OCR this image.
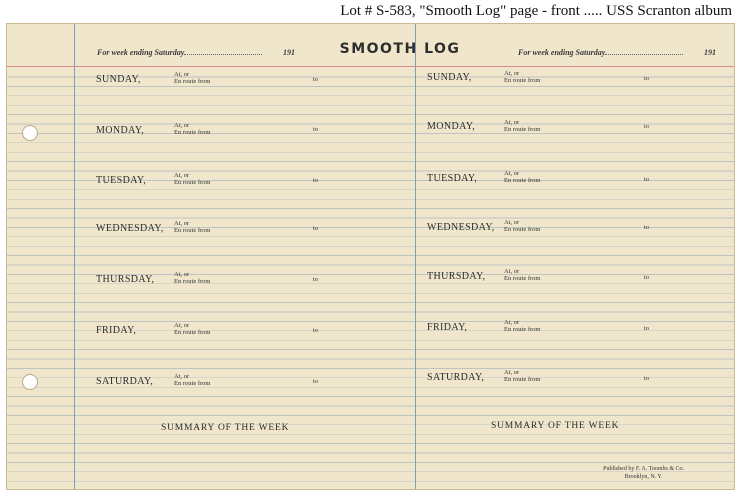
Lot # S-583, "Smooth Log" page - front ..... USS Scranton album
For week ending Saturday	191	SMOOTH LOG	For week ending Saturday	191
SUNDAY,	At, or
En route from	to
MONDAY,	At, or
En route from	to
TUESDAY,	At, or
En route from	to
WEDNESDAY, At, or
En route from	to
THURSDAY,	At, or
En route from	to
FRIDAY,	At, or
En route from	to
SATURDAY,	At, or
En route from	to
SUMMARY OF THE WEEK
SUNDAY,	At, or
En route from	to
MONDAY,	At, or
En route from	to
TUESDAY,	At, or
En route from	to
WEDNESDAY, At, or
En route from	to
THURSDAY,	At, or
En route from	to
FRIDAY,	At, or
En route from	to
SATURDAY,	At, or
En route from	to
SUMMARY OF THE WEEK
Published by F. A. Toombs & Co.
Brooklyn, N. Y.
